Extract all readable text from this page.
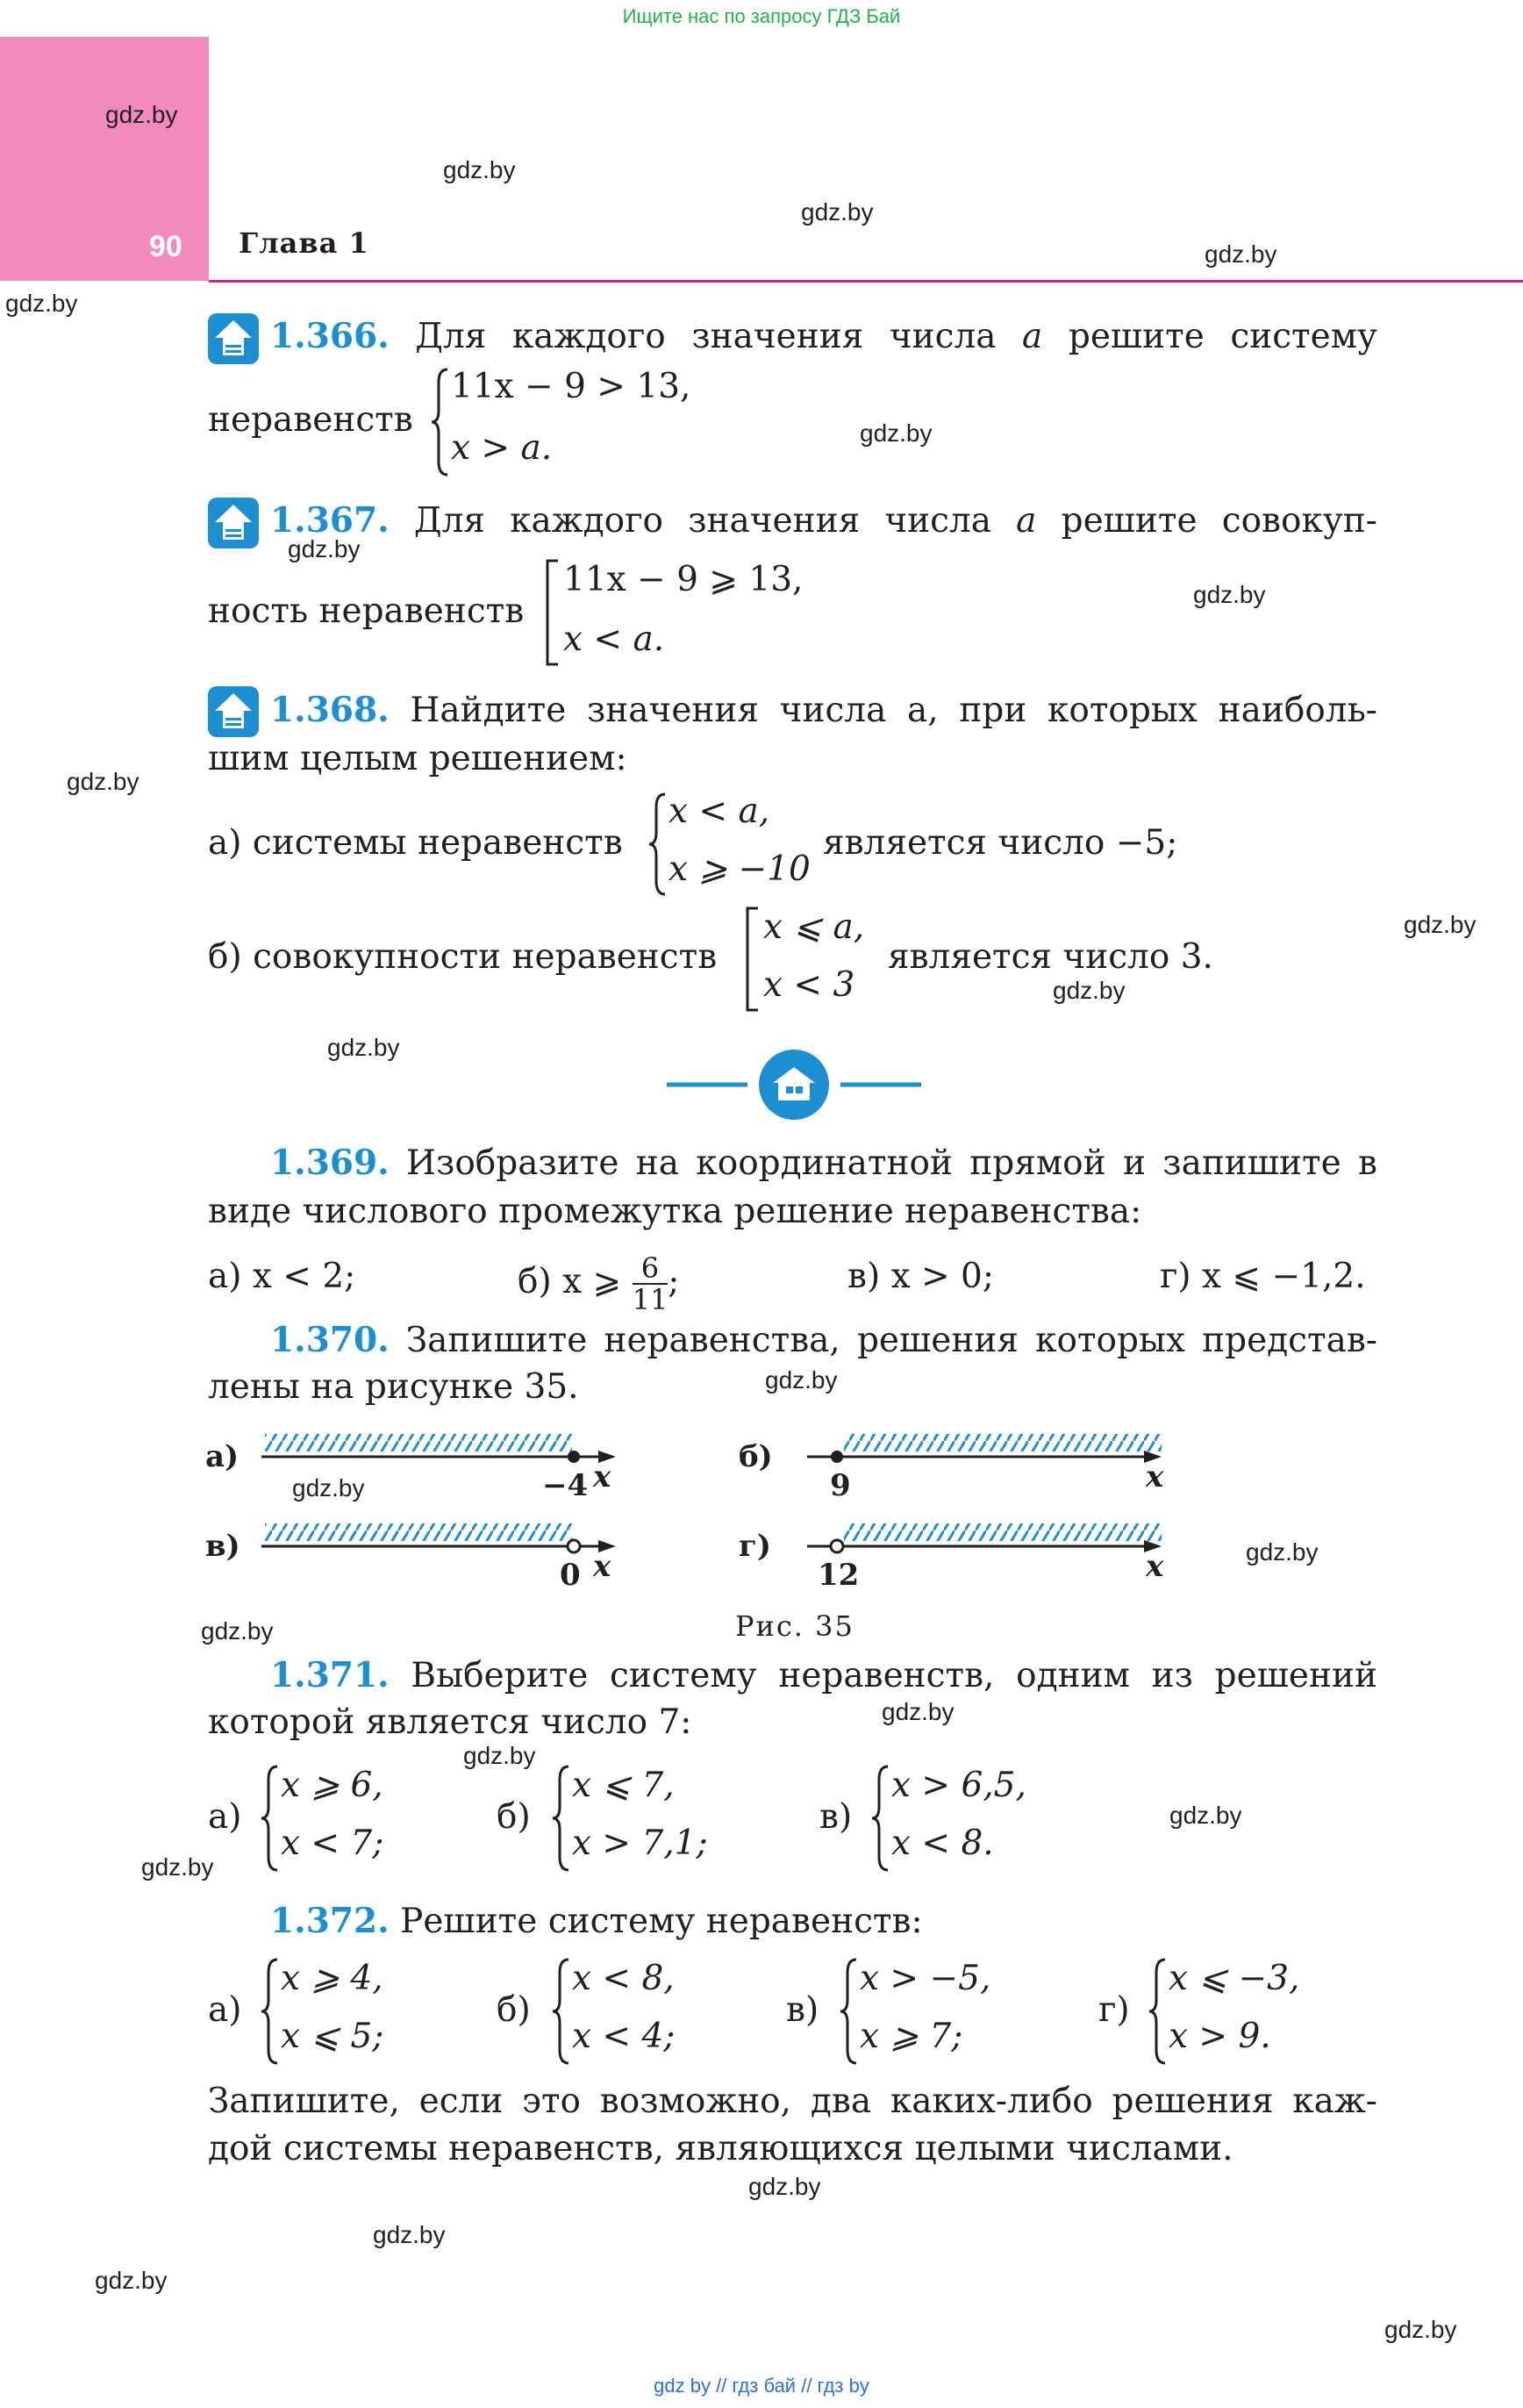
Ищите нас по запросу ГДЗ Бай
90 Глава 1
gdz.by
gdz.by
gdz.by
gdz.by
gdz.by
gdz.by
gdz.by
gdz.by
gdz.by
gdz.by
gdz.by
gdz.by
gdz.by
gdz.by
gdz.by
gdz.by
gdz.by
gdz.by
gdz.by
gdz.by
gdz.by
gdz.by
gdz.by
gdz.by
1.366. Для каждого значения числа a решите систему
неравенств
11x − 9 > 13,
x > a.
1.367. Для каждого значения числа a решите совокуп-
ность неравенств
11x − 9 ⩾ 13,
x < a.
1.368. Найдите значения числа a, при которых наиболь-
шим целым решением:
а) системы неравенств
x < a,
x ⩾ −10
является число −5;
б) совокупности неравенств
x ⩽ a,
x < 3
является число 3.
1.369. Изобразите на координатной прямой и запишите в
виде числового промежутка решение неравенства:
а) x < 2;	б) x ⩾ $\frac{6}{11}$ ;	в) x > 0;	г) x ⩽ −1,2.
1.370. Запишите неравенства, решения которых представ-
лены на рисунке 35.
а)
−4 x
б)
9	x
в)
0 x
г)
12	x
Рис. 35
1.371. Выберите систему неравенств, одним из решений
которой является число 7:
а)
x ⩾ 6,
x < 7;
б)
x ⩽ 7,
x > 7,1;
в)
x > 6,5,
x < 8.
1.372. Решите систему неравенств:
а)
x ⩾ 4,
x ⩽ 5;
б)
x < 8,
x < 4;
в)
x > −5,
x ⩾ 7;
г)
x ⩽ −3,
x > 9.
Запишите, если это возможно, два каких-либо решения каж-
дой системы неравенств, являющихся целыми числами.
gdz by // гдз бай // гдз by
